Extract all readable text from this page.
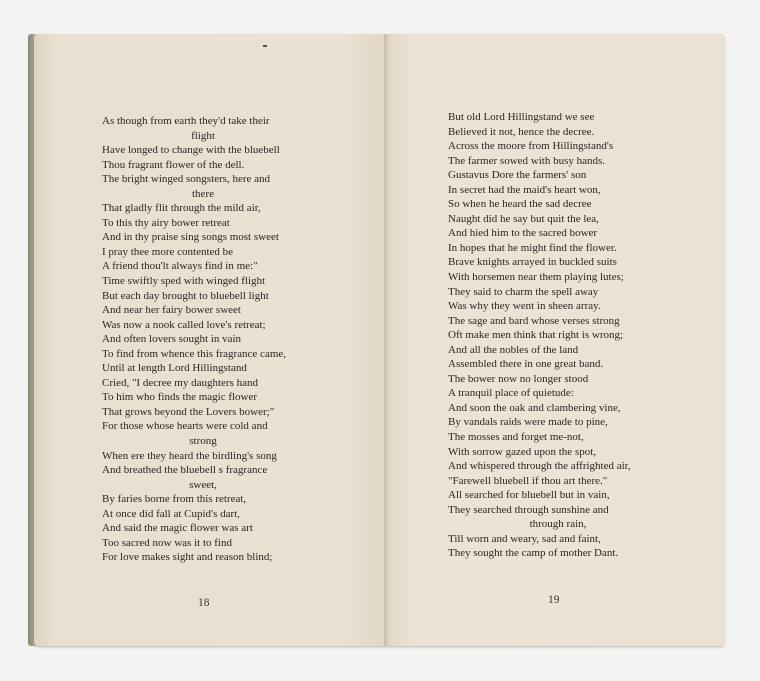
As though from earth they'd take their
flight
Have longed to change with the bluebell
Thou fragrant flower of the dell.
The bright winged songsters, here and
there
That gladly flit through the mild air,
To this thy airy bower retreat
And in thy praise sing songs most sweet
I pray thee more contented be
A friend thou'lt always find in me:"
Time swiftly sped with winged flight
But each day brought to bluebell light
And near her fairy bower sweet
Was now a nook called love's retreat;
And often lovers sought in vain
To find from whence this fragrance came,
Until at length Lord Hillingstand
Cried, "I decree my daughters hand
To him who finds the magic flower
That grows beyond the Lovers bower;"
For those whose hearts were cold and
strong
When ere they heard the birdling's song
And breathed the bluebell s fragrance
sweet,
By faries borne from this retreat,
At once did fall at Cupid's dart,
And said the magic flower was art
Too sacred now was it to find
For love makes sight and reason blind;
But old Lord Hillingstand we see
Believed it not, hence the decree.
Across the moore from Hillingstand's
The farmer sowed with busy hands.
Gustavus Dore the farmers' son
In secret had the maid's heart won,
So when he heard the sad decree
Naught did he say but quit the lea,
And hied him to the sacred bower
In hopes that he might find the flower.
Brave knights arrayed in buckled suits
With horsemen near them playing lutes;
They said to charm the spell away
Was why they went in sheen array.
The sage and bard whose verses strong
Oft make men think that right is wrong;
And all the nobles of the land
Assembled there in one great band.
The bower now no longer stood
A tranquil place of quietude:
And soon the oak and clambering vine,
By vandals raids were made to pine,
The mosses and forget me-not,
With sorrow gazed upon the spot,
And whispered through the affrighted air,
"Farewell bluebell if thou art there."
All searched for bluebell but in vain,
They searched through sunshine and
through rain,
Till worn and weary, sad and faint,
They sought the camp of mother Dant.
18	19
